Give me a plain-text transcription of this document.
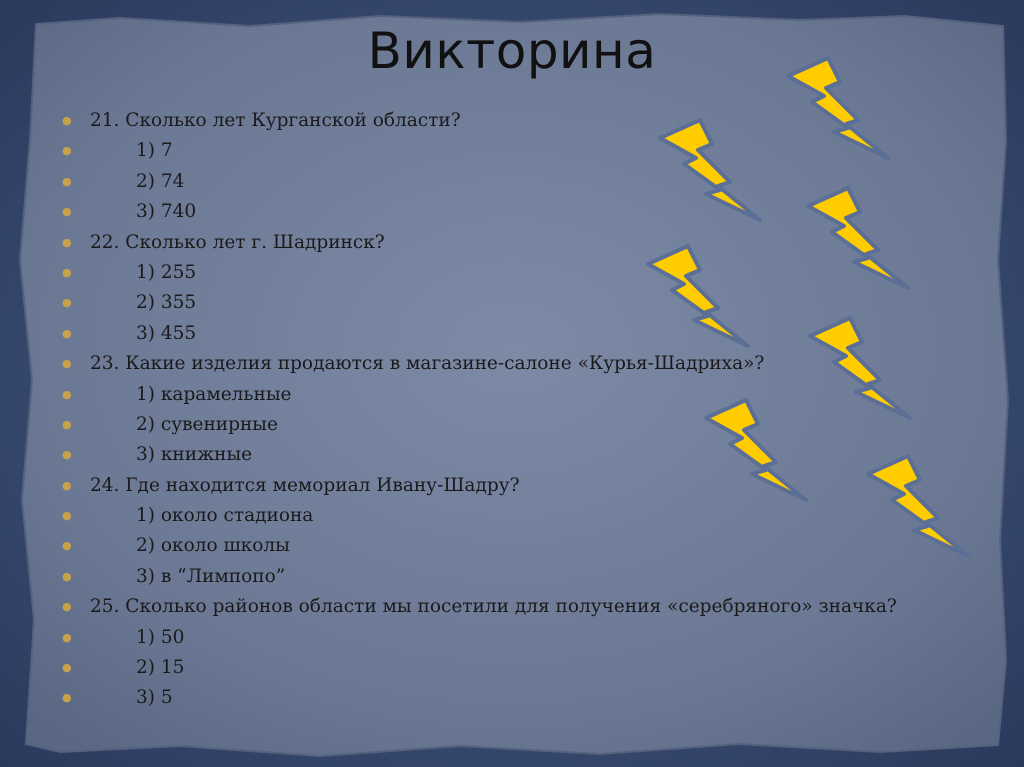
Викторина
● 21. Сколько лет Курганской области?
●	1) 7
●	2) 74
●	3) 740
● 22. Сколько лет г. Шадринск?
●	1) 255
●	2) 355
●	3) 455
● 23. Какие изделия продаются в магазине-салоне «Курья-Шадриха»?
●	1) карамельные
●	2) сувенирные
●	3) книжные
● 24. Где находится мемориал Ивану-Шадру?
●	1) около стадиона
●	2) около школы
●	3) в “Лимпопо”
● 25. Сколько районов области мы посетили для получения «серебряного» значка?
●	1) 50
●	2) 15
●	3) 5
